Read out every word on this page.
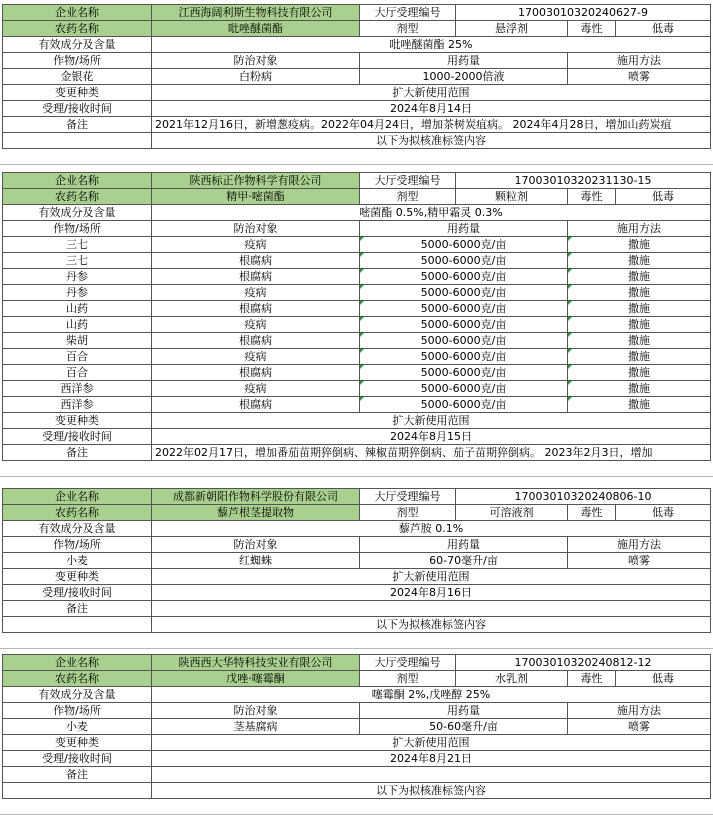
企业名称	江西海阔利斯生物科技有限公司	大厅受理编号	17003010320240627-9
农药名称	吡唑醚菌酯	剂型	悬浮剂	毒性	低毒
有效成分及含量	吡唑醚菌酯 25%
作物/场所	防治对象	用药量	施用方法
金银花	白粉病	1000-2000倍液	喷雾
变更种类	扩大新使用范围
受理/接收时间	2024年8月14日
备注	2021年12月16日，新增葱疫病。2022年04月24日，增加茶树炭疽病。 2024年4月28日，增加山药炭疽
以下为拟核准标签内容
企业名称	陕西标正作物科学有限公司	大厅受理编号	17003010320231130-15
农药名称	精甲·嘧菌酯	剂型	颗粒剂	毒性	低毒
有效成分及含量	嘧菌酯 0.5%,精甲霜灵 0.3%
作物/场所	防治对象	用药量	施用方法
三七	疫病	5000-6000克/亩	撒施
三七	根腐病	5000-6000克/亩	撒施
丹参	根腐病	5000-6000克/亩	撒施
丹参	疫病	5000-6000克/亩	撒施
山药	根腐病	5000-6000克/亩	撒施
山药	疫病	5000-6000克/亩	撒施
柴胡	根腐病	5000-6000克/亩	撒施
百合	疫病	5000-6000克/亩	撒施
百合	根腐病	5000-6000克/亩	撒施
西洋参	疫病	5000-6000克/亩	撒施
西洋参	根腐病	5000-6000克/亩	撒施
变更种类	扩大新使用范围
受理/接收时间	2024年8月15日
备注	2022年02月17日，增加番茄苗期猝倒病、辣椒苗期猝倒病、茄子苗期猝倒病。 2023年2月3日，增加
企业名称	成都新朝阳作物科学股份有限公司	大厅受理编号	17003010320240806-10
农药名称	藜芦根茎提取物	剂型	可溶液剂	毒性	低毒
有效成分及含量	藜芦胺 0.1%
作物/场所	防治对象	用药量	施用方法
小麦	红蜘蛛	60-70毫升/亩	喷雾
变更种类	扩大新使用范围
受理/接收时间	2024年8月16日
备注
以下为拟核准标签内容
企业名称	陕西西大华特科技实业有限公司	大厅受理编号	17003010320240812-12
农药名称	戊唑·噻霉酮	剂型	水乳剂	毒性	低毒
有效成分及含量	噻霉酮 2%,戊唑醇 25%
作物/场所	防治对象	用药量	施用方法
小麦	茎基腐病	50-60毫升/亩	喷雾
变更种类	扩大新使用范围
受理/接收时间	2024年8月21日
备注
以下为拟核准标签内容
